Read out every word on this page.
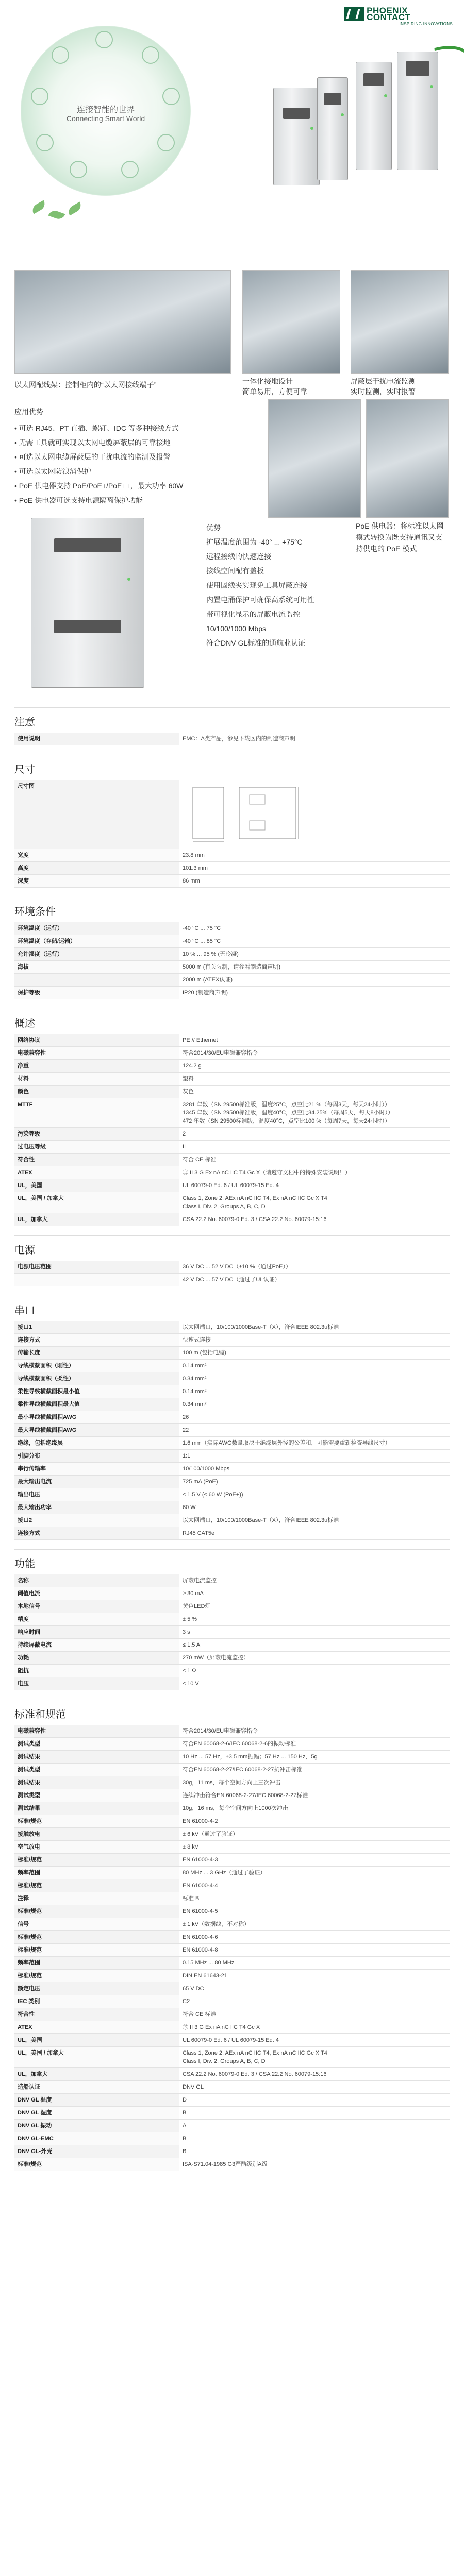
PHOENIX CONTACT
INSPIRING INNOVATIONS
连接智能的世界
Connecting Smart World
以太网配线架：控制柜内的“以太网接线端子”	一体化接地设计
简单易用，方便可靠
屏蔽层干扰电流监测
实时监测，实时报警
应用优势
• 可选 RJ45、PT 直插、螺钉、IDC 等多种接线方式
• 无需工具就可实现以太网电缆屏蔽层的可靠接地
• 可选以太网电缆屏蔽层的干扰电流的监测及报警
• 可选以太网防浪涌保护
• PoE 供电器支持 PoE/PoE+/PoE++，最大功率 60W
• PoE 供电器可选支持电源隔离保护功能
PoE 供电器：将标准以太网模式转换为既支持通讯又支持供电的 PoE 模式
优势
扩展温度范围为 -40° ... +75°C
远程接线的快速连接
接线空间配有盖板
使用固线夹实现免工具屏蔽连接
内置电涌保护可确保高系统可用性
带可视化显示的屏蔽电流监控
10/100/1000 Mbps
符合DNV GL标准的通航业认证
注意
使用说明	EMC：A类产品，参见下载区内的制造商声明
尺寸
尺寸图	
宽度	23.8 mm
高度	101.3 mm
深度	86 mm
环境条件
环境温度（运行）	-40 °C ... 75 °C
环境温度（存储/运输）	-40 °C ... 85 °C
允许湿度（运行）	10 % ... 95 % (无冷凝)
海拔	5000 m (有关限制，请参看制造商声明)
	2000 m (ATEX认证)
保护等级	IP20 (制造商声明)
概述
网络协议	PE // Ethernet
电磁兼容性	符合2014/30/EU电磁兼容指令
净重	124.2 g
材料	塑料
颜色	灰色
MTTF	3281 年数（SN 29500标准版，温度25°C，点空比21 %（每周3天，每天24小时））
1345 年数（SN 29500标准版，温度40°C，点空比34.25%（每周5天，每天8小时））
472 年数（SN 29500标准版，温度40°C，点空比100 %（每周7天，每天24小时））
污染等级	2
过电压等级	II
符合性	符合 CE 标准
ATEX	Ⓔ II 3 G Ex nA nC IIC T4 Gc X（请遵守文档中的特殊安装说明！）
UL，美国	UL 60079-0 Ed. 6 / UL 60079-15 Ed. 4
UL，美国 / 加拿大	Class 1, Zone 2, AEx nA nC IIC T4, Ex nA nC IIC Gc X T4
Class I, Div. 2, Groups A, B, C, D
UL，加拿大	CSA 22.2 No. 60079-0 Ed. 3 / CSA 22.2 No. 60079-15:16
电源
电源电压范围	36 V DC ... 52 V DC（±10 %（通过PoE））
	42 V DC ... 57 V DC（通过了UL认证）
串口
接口1	以太网端口，10/100/1000Base-T（X），符合IEEE 802.3u标准
连接方式	快速式连接
传输长度	100 m (包括电缆)
导线横截面积（刚性）	0.14 mm²
导线横截面积（柔性）	0.34 mm²
柔性导线横截面积最小值	0.14 mm²
柔性导线横截面积最大值	0.34 mm²
最小导线横截面积AWG	26
最大导线横截面积AWG	22
绝缘，包括绝缘层	1.6 mm（实际AWG数量取决于绝缘层外径的公差和，可能需要重新检查导线尺寸）
引脚分布	1:1
串行传输率	10/100/1000 Mbps
最大输出电流	725 mA (PoE)
输出电压	≤ 1.5 V (≤ 60 W (PoE+))
最大输出功率	60 W
接口2	以太网端口，10/100/1000Base-T（X），符合IEEE 802.3u标准
连接方式	RJ45 CAT5e
功能
名称	屏蔽电流监控
阈值电流	≥ 30 mA
本地信号	黄色LED灯
精度	± 5 %
响应时间	3 s
持续屏蔽电流	≤ 1.5 A
功耗	270 mW（屏蔽电流监控）
阻抗	≤ 1 Ω
电压	≤ 10 V
标准和规范
电磁兼容性	符合2014/30/EU电磁兼容指令
测试类型	符合EN 60068-2-6/IEC 60068-2-6的振动标准
测试结果	10 Hz ... 57 Hz，±3.5 mm振幅；57 Hz ... 150 Hz，5g
测试类型	符合EN 60068-2-27/IEC 60068-2-27抗冲击标准
测试结果	30g，11 ms，每个空间方向上三次冲击
测试类型	连续冲击符合EN 60068-2-27/IEC 60068-2-27标准
测试结果	10g，16 ms，每个空间方向上1000次冲击
标准/规范	EN 61000-4-2
接触放电	± 6 kV（通过了验证）
空气放电	± 8 kV
标准/规范	EN 61000-4-3
频率范围	80 MHz ... 3 GHz（通过了验证）
标准/规范	EN 61000-4-4
注释	标准 B
标准/规范	EN 61000-4-5
信号	± 1 kV（数据线，不对称）
标准/规范	EN 61000-4-6
标准/规范	EN 61000-4-8
频率范围	0.15 MHz ... 80 MHz
标准/规范	DIN EN 61643-21
额定电压	65 V DC
IEC 类别	C2
符合性	符合 CE 标准
ATEX	Ⓔ II 3 G Ex nA nC IIC T4 Gc X
UL，美国	UL 60079-0 Ed. 6 / UL 60079-15 Ed. 4
UL，美国 / 加拿大	Class 1, Zone 2, AEx nA nC IIC T4, Ex nA nC IIC Gc X T4
Class I, Div. 2, Groups A, B, C, D
UL，加拿大	CSA 22.2 No. 60079-0 Ed. 3 / CSA 22.2 No. 60079-15:16
造船认证	DNV GL
DNV GL 温度	D
DNV GL 湿度	B
DNV GL 振动	A
DNV GL-EMC	B
DNV GL-外壳	B
标准/规范	ISA-S71.04-1985 G3严酷级别A级
